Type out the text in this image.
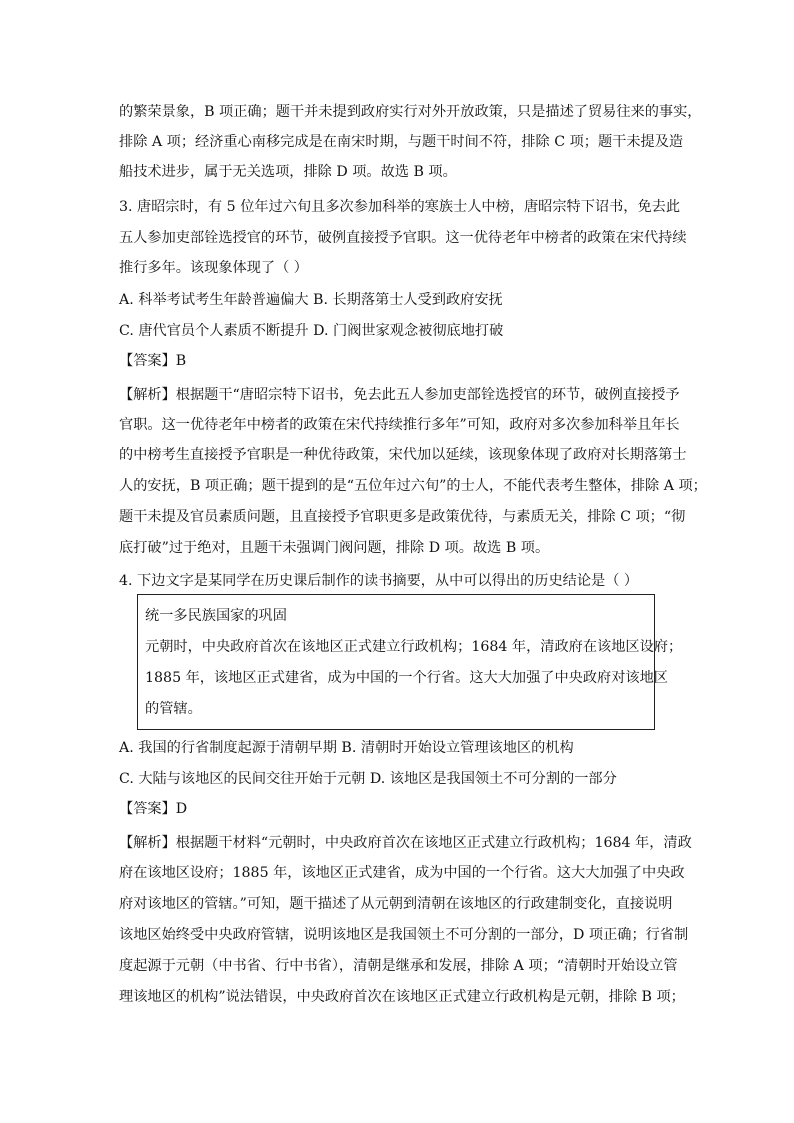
的繁荣景象，B 项正确；题干并未提到政府实行对外开放政策，只是描述了贸易往来的事实，
排除 A 项；经济重心南移完成是在南宋时期，与题干时间不符，排除 C 项；题干未提及造
船技术进步，属于无关选项，排除 D 项。故选 B 项。
3. 唐昭宗时，有 5 位年过六旬且多次参加科举的寒族士人中榜，唐昭宗特下诏书，免去此
五人参加吏部铨选授官的环节，破例直接授予官职。这一优待老年中榜者的政策在宋代持续
推行多年。该现象体现了（ ）
A. 科举考试考生年龄普遍偏大 B. 长期落第士人受到政府安抚
C. 唐代官员个人素质不断提升 D. 门阀世家观念被彻底地打破
【答案】B
【解析】根据题干“唐昭宗特下诏书，免去此五人参加吏部铨选授官的环节，破例直接授予
官职。这一优待老年中榜者的政策在宋代持续推行多年”可知，政府对多次参加科举且年长
的中榜考生直接授予官职是一种优待政策，宋代加以延续，该现象体现了政府对长期落第士
人的安抚，B 项正确；题干提到的是“五位年过六旬”的士人，不能代表考生整体，排除 A 项；
题干未提及官员素质问题，且直接授予官职更多是政策优待，与素质无关，排除 C 项；“彻
底打破”过于绝对，且题干未强调门阀问题，排除 D 项。故选 B 项。
4. 下边文字是某同学在历史课后制作的读书摘要，从中可以得出的历史结论是（ ）
统一多民族国家的巩固
元朝时，中央政府首次在该地区正式建立行政机构；1684 年，清政府在该地区设府；
1885 年，该地区正式建省，成为中国的一个行省。这大大加强了中央政府对该地区
的管辖。
A. 我国的行省制度起源于清朝早期 B. 清朝时开始设立管理该地区的机构
C. 大陆与该地区的民间交往开始于元朝 D. 该地区是我国领土不可分割的一部分
【答案】D
【解析】根据题干材料“元朝时，中央政府首次在该地区正式建立行政机构；1684 年，清政
府在该地区设府；1885 年，该地区正式建省，成为中国的一个行省。这大大加强了中央政
府对该地区的管辖。”可知，题干描述了从元朝到清朝在该地区的行政建制变化，直接说明
该地区始终受中央政府管辖，说明该地区是我国领土不可分割的一部分，D 项正确；行省制
度起源于元朝（中书省、行中书省），清朝是继承和发展，排除 A 项；“清朝时开始设立管
理该地区的机构”说法错误，中央政府首次在该地区正式建立行政机构是元朝，排除 B 项；
